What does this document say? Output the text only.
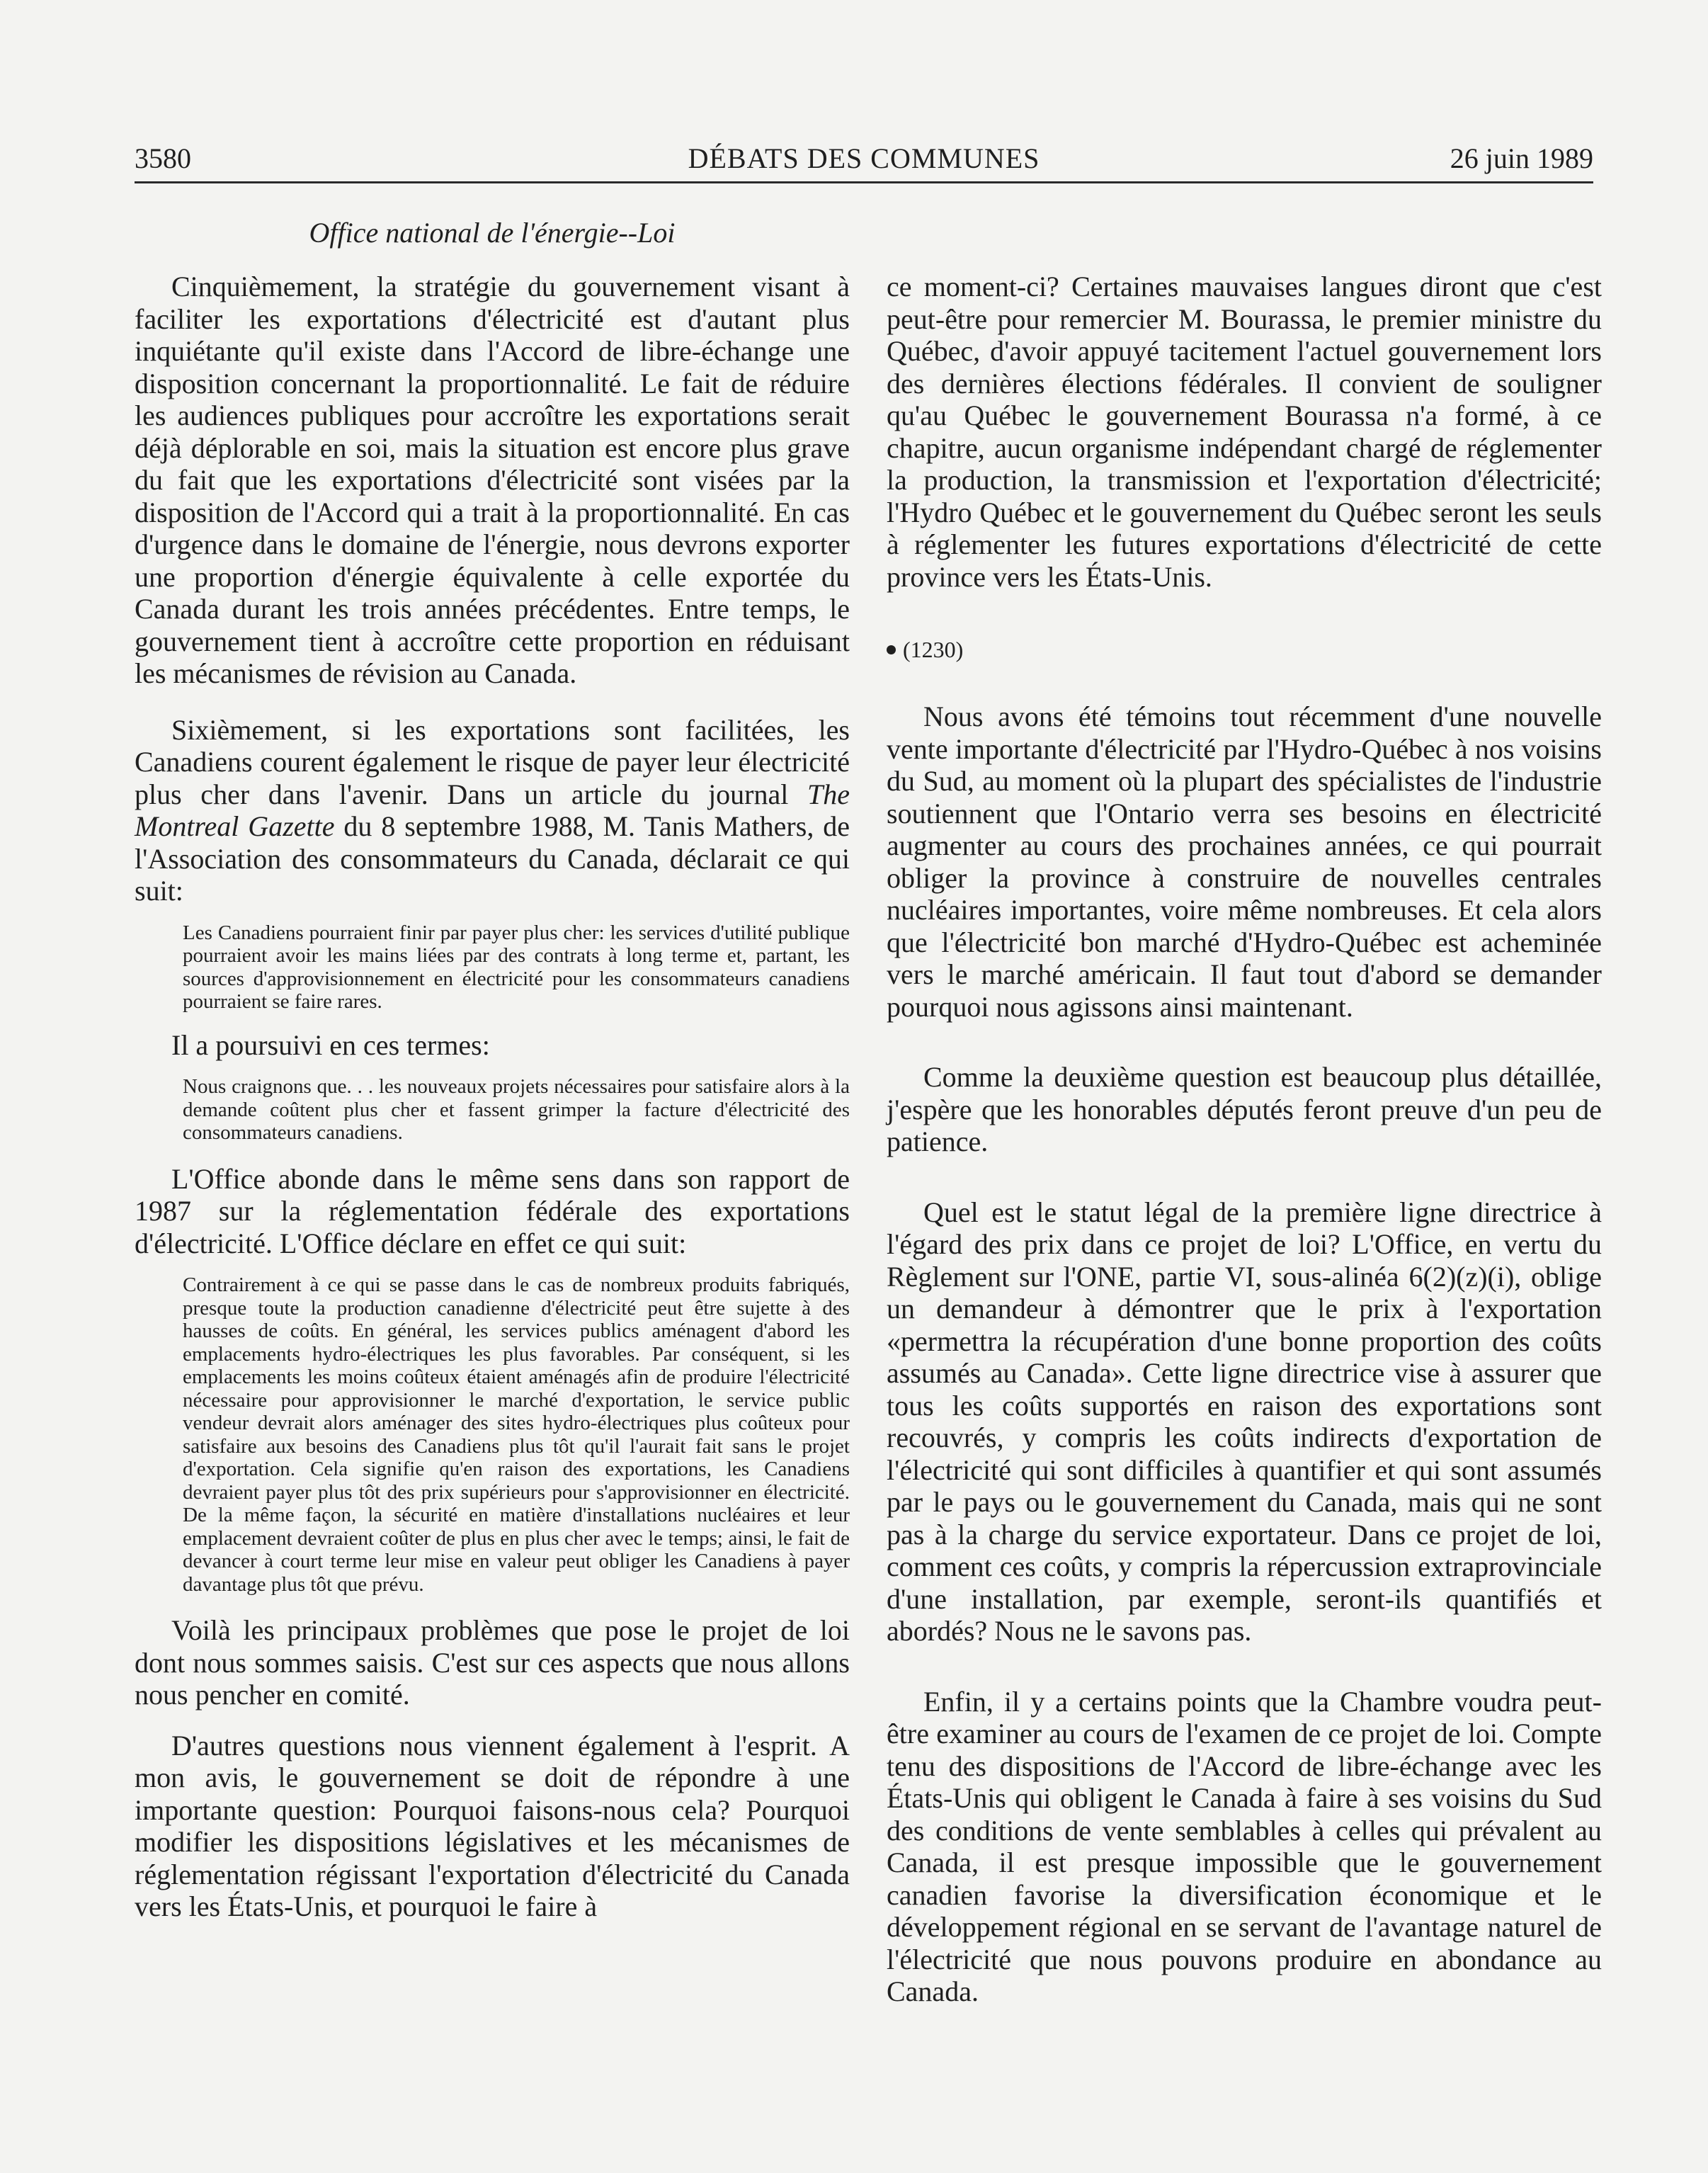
3580	DÉBATS DES COMMUNES	26 juin 1989
Office national de l'énergie--Loi

Cinquièmement, la stratégie du gouvernement visant à faciliter les exportations d'électricité est d'autant plus inquiétante qu'il existe dans l'Accord de libre-échange une disposition concernant la proportionnalité. Le fait de réduire les audiences publiques pour accroître les exportations serait déjà déplorable en soi, mais la situation est encore plus grave du fait que les exportations d'électricité sont visées par la disposition de l'Accord qui a trait à la proportionnalité. En cas d'urgence dans le domaine de l'énergie, nous devrons exporter une proportion d'énergie équivalente à celle exportée du Canada durant les trois années précédentes. Entre temps, le gouvernement tient à accroître cette proportion en réduisant les mécanismes de révision au Canada.

Sixièmement, si les exportations sont facilitées, les Canadiens courent également le risque de payer leur électricité plus cher dans l'avenir. Dans un article du journal The Montreal Gazette du 8 septembre 1988, M. Tanis Mathers, de l'Association des consommateurs du Canada, déclarait ce qui suit:

Les Canadiens pourraient finir par payer plus cher: les services d'utilité publique pourraient avoir les mains liées par des contrats à long terme et, partant, les sources d'approvisionnement en électricité pour les consommateurs canadiens pourraient se faire rares.

Il a poursuivi en ces termes:

Nous craignons que. . . les nouveaux projets nécessaires pour satisfaire alors à la demande coûtent plus cher et fassent grimper la facture d'électricité des consommateurs canadiens.

L'Office abonde dans le même sens dans son rapport de 1987 sur la réglementation fédérale des exportations d'électricité. L'Office déclare en effet ce qui suit:

Contrairement à ce qui se passe dans le cas de nombreux produits fabriqués, presque toute la production canadienne d'électricité peut être sujette à des hausses de coûts. En général, les services publics aménagent d'abord les emplacements hydro-électriques les plus favorables. Par conséquent, si les emplacements les moins coûteux étaient aménagés afin de produire l'électricité nécessaire pour approvisionner le marché d'exportation, le service public vendeur devrait alors aménager des sites hydro-électriques plus coûteux pour satisfaire aux besoins des Canadiens plus tôt qu'il l'aurait fait sans le projet d'exportation. Cela signifie qu'en raison des exportations, les Canadiens devraient payer plus tôt des prix supérieurs pour s'approvisionner en électricité. De la même façon, la sécurité en matière d'installations nucléaires et leur emplacement devraient coûter de plus en plus cher avec le temps; ainsi, le fait de devancer à court terme leur mise en valeur peut obliger les Canadiens à payer davantage plus tôt que prévu.

Voilà les principaux problèmes que pose le projet de loi dont nous sommes saisis. C'est sur ces aspects que nous allons nous pencher en comité.

D'autres questions nous viennent également à l'esprit. A mon avis, le gouvernement se doit de répondre à une importante question: Pourquoi faisons-nous cela? Pourquoi modifier les dispositions législatives et les mécanismes de réglementation régissant l'exportation d'électricité du Canada vers les États-Unis, et pourquoi le faire à

ce moment-ci? Certaines mauvaises langues diront que c'est peut-être pour remercier M. Bourassa, le premier ministre du Québec, d'avoir appuyé tacitement l'actuel gouvernement lors des dernières élections fédérales. Il convient de souligner qu'au Québec le gouvernement Bourassa n'a formé, à ce chapitre, aucun organisme indépendant chargé de réglementer la production, la transmission et l'exportation d'électricité; l'Hydro Québec et le gouvernement du Québec seront les seuls à réglementer les futures exportations d'électricité de cette province vers les États-Unis.

(1230)

Nous avons été témoins tout récemment d'une nouvelle vente importante d'électricité par l'Hydro-Québec à nos voisins du Sud, au moment où la plupart des spécialistes de l'industrie soutiennent que l'Ontario verra ses besoins en électricité augmenter au cours des prochaines années, ce qui pourrait obliger la province à construire de nouvelles centrales nucléaires importantes, voire même nombreuses. Et cela alors que l'électricité bon marché d'Hydro-Québec est acheminée vers le marché américain. Il faut tout d'abord se demander pourquoi nous agissons ainsi maintenant.

Comme la deuxième question est beaucoup plus détaillée, j'espère que les honorables députés feront preuve d'un peu de patience.

Quel est le statut légal de la première ligne directrice à l'égard des prix dans ce projet de loi? L'Office, en vertu du Règlement sur l'ONE, partie VI, sous-alinéa 6(2)(z)(i), oblige un demandeur à démontrer que le prix à l'exportation «permettra la récupération d'une bonne proportion des coûts assumés au Canada». Cette ligne directrice vise à assurer que tous les coûts supportés en raison des exportations sont recouvrés, y compris les coûts indirects d'exportation de l'électricité qui sont difficiles à quantifier et qui sont assumés par le pays ou le gouvernement du Canada, mais qui ne sont pas à la charge du service exportateur. Dans ce projet de loi, comment ces coûts, y compris la répercussion extraprovinciale d'une installation, par exemple, seront-ils quantifiés et abordés? Nous ne le savons pas.

Enfin, il y a certains points que la Chambre voudra peut-être examiner au cours de l'examen de ce projet de loi. Compte tenu des dispositions de l'Accord de libre-échange avec les États-Unis qui obligent le Canada à faire à ses voisins du Sud des conditions de vente semblables à celles qui prévalent au Canada, il est presque impossible que le gouvernement canadien favorise la diversification économique et le développement régional en se servant de l'avantage naturel de l'électricité que nous pouvons produire en abondance au Canada.
